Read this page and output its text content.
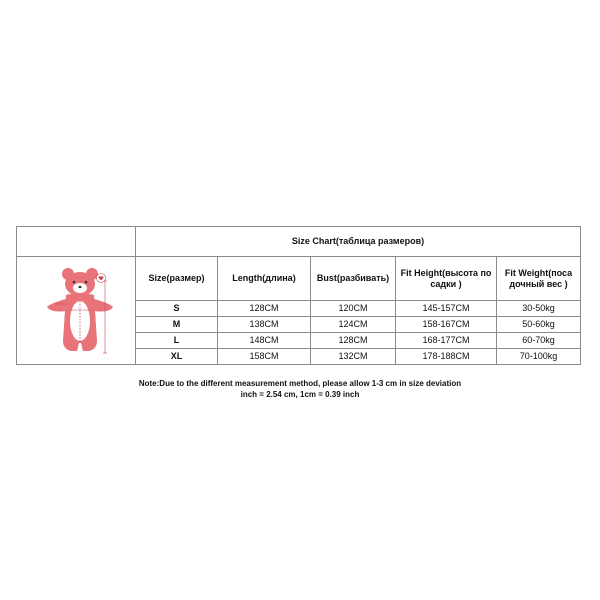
	Size Chart(таблица размеров)				

	Size(размер)	Length(длина)	Bust(разбивать)	Fit Height(высота по садки )	Fit Weight(поса дочный вес )
	S	128CM	120CM	145-157CM	30-50kg
	M	138CM	124CM	158-167CM	50-60kg
	L	148CM	128CM	168-177CM	60-70kg
	XL	158CM	132CM	178-188CM	70-100kg
Note:Due to the different measurement method, please allow 1-3 cm in size deviation
inch = 2.54 cm, 1cm = 0.39 inch
